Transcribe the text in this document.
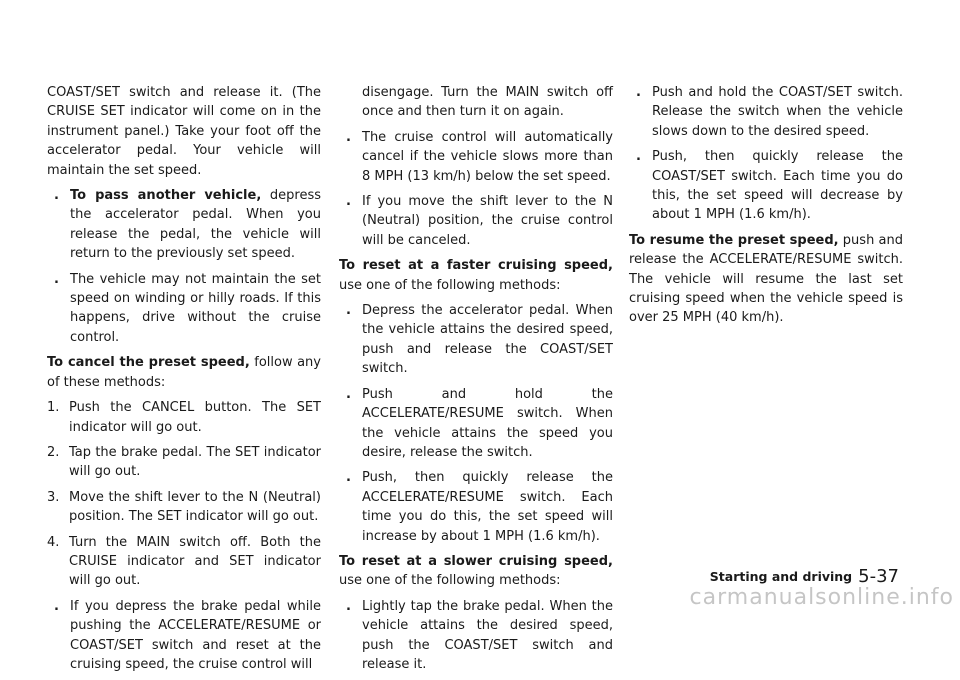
COAST/SET switch and release it. (The CRUISE SET indicator will come on in the instrument panel.) Take your foot off the accelerator pedal. Your vehicle will maintain the set speed.

. To pass another vehicle, depress the accelerator pedal. When you release the pedal, the vehicle will return to the previously set speed.
. The vehicle may not maintain the set speed on winding or hilly roads. If this happens, drive without the cruise control.

To cancel the preset speed, follow any of these methods:

1. Push the CANCEL button. The SET indicator will go out.
2. Tap the brake pedal. The SET indicator will go out.
3. Move the shift lever to the N (Neutral) position. The SET indicator will go out.
4. Turn the MAIN switch off. Both the CRUISE indicator and SET indicator will go out.
. If you depress the brake pedal while pushing the ACCELERATE/RESUME or COAST/SET switch and reset at the cruising speed, the cruise control will
disengage. Turn the MAIN switch off once and then turn it on again.
. The cruise control will automatically cancel if the vehicle slows more than 8 MPH (13 km/h) below the set speed.
. If you move the shift lever to the N (Neutral) position, the cruise control will be canceled.

To reset at a faster cruising speed, use one of the following methods:

. Depress the accelerator pedal. When the vehicle attains the desired speed, push and release the COAST/SET switch.
. Push and hold the ACCELERATE/RESUME switch. When the vehicle attains the speed you desire, release the switch.
. Push, then quickly release the ACCELERATE/RESUME switch. Each time you do this, the set speed will increase by about 1 MPH (1.6 km/h).

To reset at a slower cruising speed, use one of the following methods:

. Lightly tap the brake pedal. When the vehicle attains the desired speed, push the COAST/SET switch and release it.
. Push and hold the COAST/SET switch. Release the switch when the vehicle slows down to the desired speed.
. Push, then quickly release the COAST/SET switch. Each time you do this, the set speed will decrease by about 1 MPH (1.6 km/h).

To resume the preset speed, push and release the ACCELERATE/RESUME switch. The vehicle will resume the last set cruising speed when the vehicle speed is over 25 MPH (40 km/h).

Starting and driving 5-37
carmanualsonline.info
